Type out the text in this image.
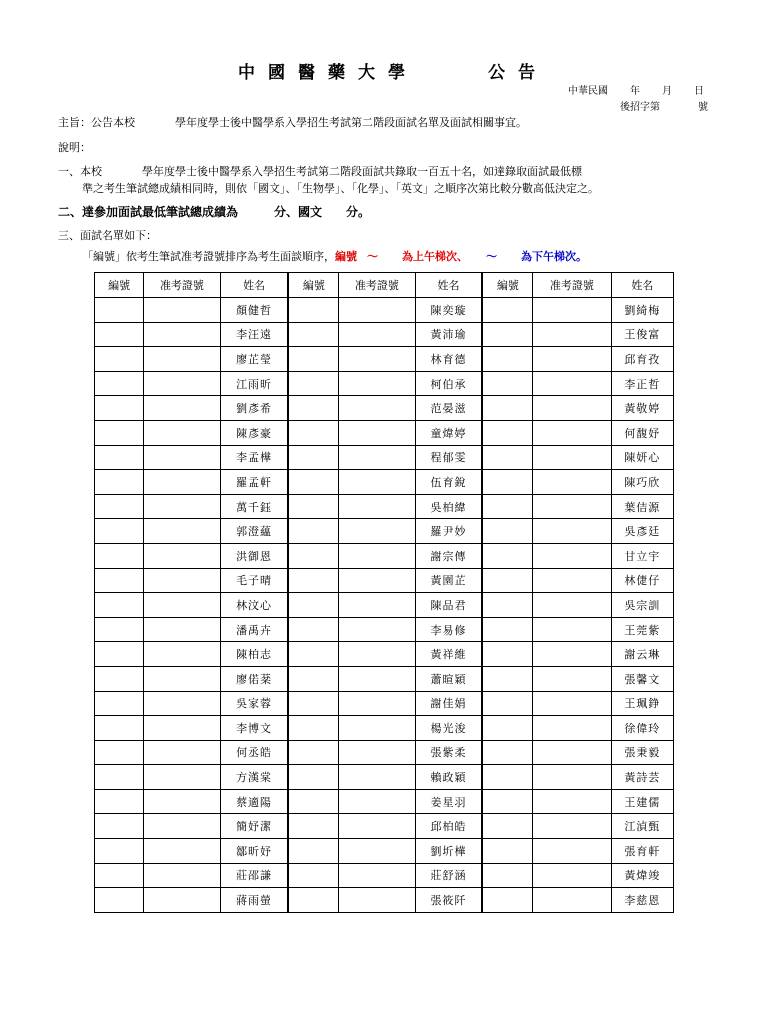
中國醫藥大學	公告
中華民國 年 月 日
後招字第	號
主旨：公告本校	學年度學士後中醫學系入學招生考試第二階段面試名單及面試相關事宜。
說明：
一、本校	學年度學士後中醫學系入學招生考試第二階段面試共錄取一百五十名，如達錄取面試最低標
準之考生筆試總成績相同時，則依「國文」、「生物學」、「化學」、「英文」之順序次第比較分數高低決定之。
二、達參加面試最低筆試總成績為	分、國文 分。
三、面試名單如下：
「編號」依考生筆試准考證號排序為考生面談順序，編號 ～ 為上午梯次、 ～ 為下午梯次。
編號	准考證號	姓名	編號	准考證號	姓名	編號	准考證號	姓名
		顏健哲			陳奕璇			劉綺梅
		李汪遠			黃沛瑜			王俊富
		廖芷瑩			林育德			邱育孜
		江雨昕			柯伯承			李正哲
		劉彥希			范晏滋			黃敬婷
		陳彥豪			童煒婷			何馥妤
		李孟樺			程郁雯			陳妍心
		羅孟軒			伍育銳			陳巧欣
		萬千鈺			吳柏緯			葉佶源
		郭澄蘊			羅尹妙			吳彥廷
		洪御恩			謝宗傳			甘立宇
		毛子晴			黃園芷			林倢仔
		林汶心			陳品君			吳宗訓
		潘禹卉			李易修			王莞紫
		陳柏志			黃祥維			謝云琳
		廖偌棻			蕭暄穎			張馨文
		吳家蓉			謝佳娟			王珮錚
		李博文			楊光浚			徐偉玲
		何丞皓			張紫柔			張秉毅
		方漢棠			賴政穎			黃詩芸
		蔡適陽			姜星羽			王建儒
		簡妤潔			邱柏皓			江湞甄
		鄒昕妤			劉圻樺			張育軒
		莊邵謙			莊舒涵			黃煒竣
		蔣雨螢			張筱阡			李慈恩
